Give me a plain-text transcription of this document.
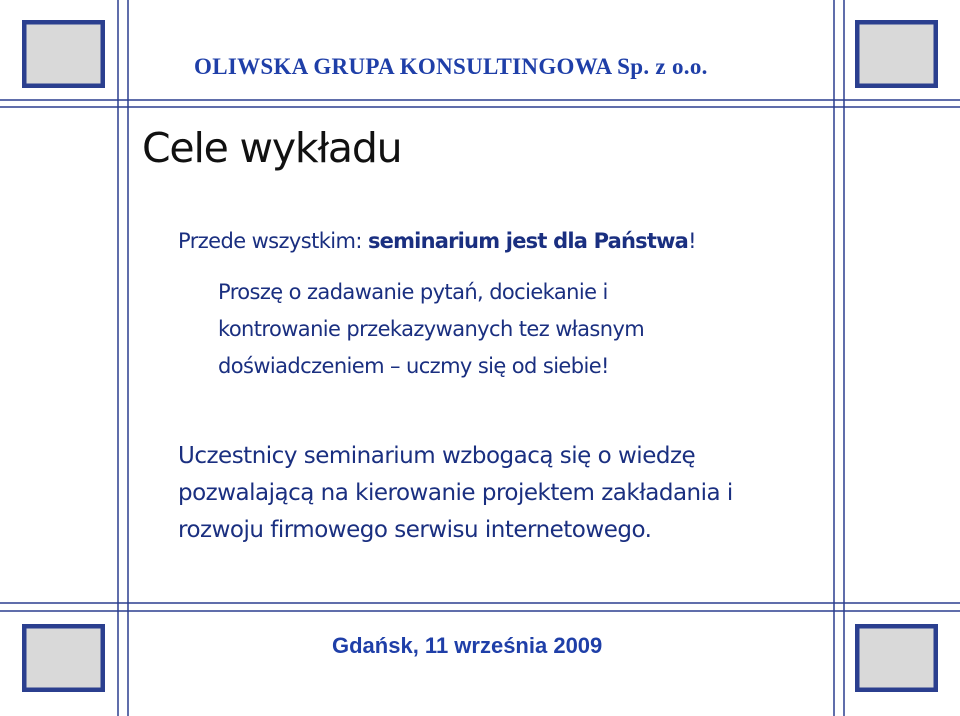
OLIWSKA GRUPA KONSULTINGOWA Sp. z o.o.
Cele wykładu
Przede wszystkim: seminarium jest dla Państwa!
Proszę o zadawanie pytań, dociekanie i
kontrowanie przekazywanych tez własnym
doświadczeniem – uczmy się od siebie!
Uczestnicy seminarium wzbogacą się o wiedzę
pozwalającą na kierowanie projektem zakładania i
rozwoju firmowego serwisu internetowego.
Gdańsk, 11 września 2009
